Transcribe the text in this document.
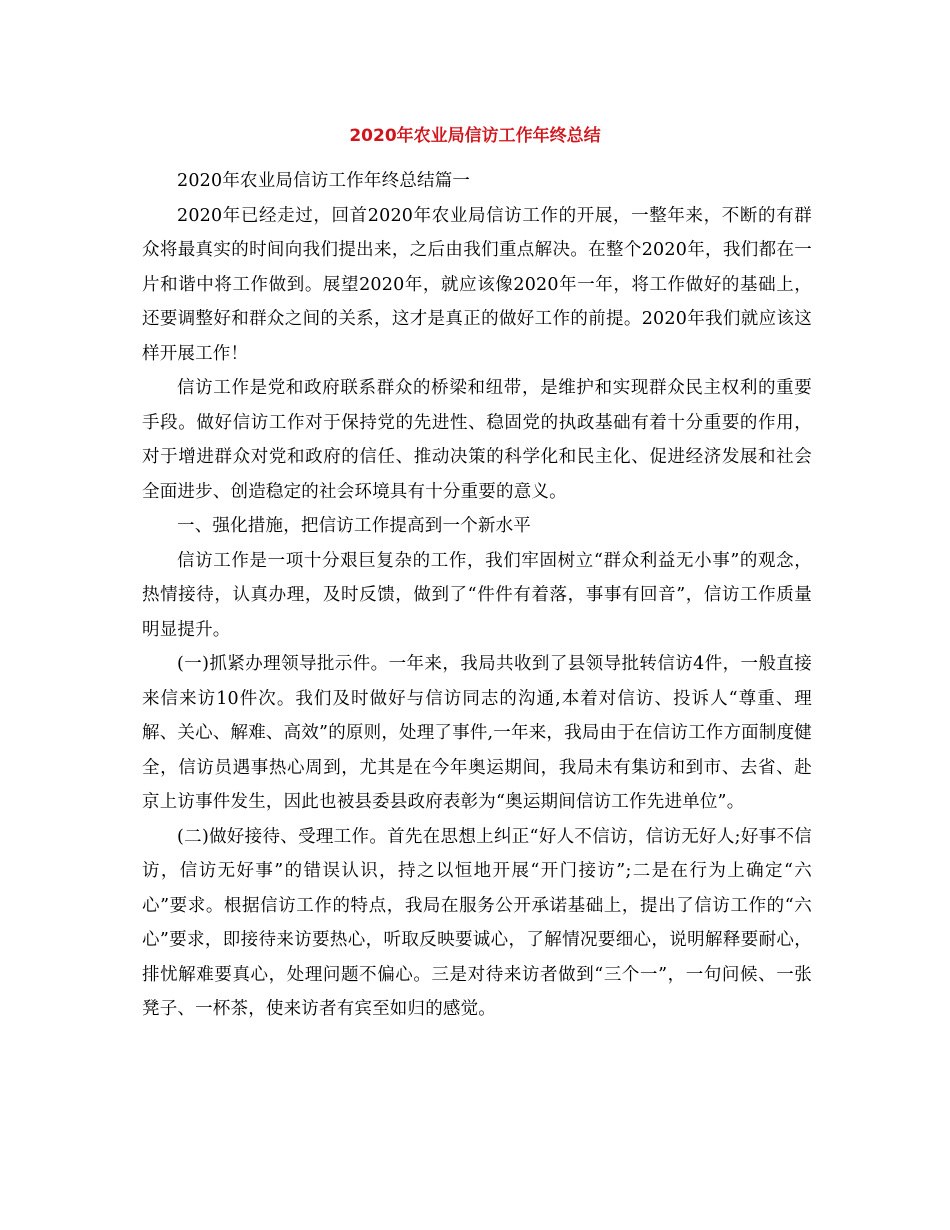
2020年农业局信访工作年终总结

2020年农业局信访工作年终总结篇一

2020年已经走过，回首2020年农业局信访工作的开展，一整年来，不断的有群众将最真实的时间向我们提出来，之后由我们重点解决。在整个2020年，我们都在一片和谐中将工作做到。展望2020年，就应该像2020年一年，将工作做好的基础上，还要调整好和群众之间的关系，这才是真正的做好工作的前提。2020年我们就应该这样开展工作！

信访工作是党和政府联系群众的桥梁和纽带，是维护和实现群众民主权利的重要手段。做好信访工作对于保持党的先进性、稳固党的执政基础有着十分重要的作用，对于增进群众对党和政府的信任、推动决策的科学化和民主化、促进经济发展和社会全面进步、创造稳定的社会环境具有十分重要的意义。

一、强化措施，把信访工作提高到一个新水平

信访工作是一项十分艰巨复杂的工作，我们牢固树立“群众利益无小事”的观念，热情接待，认真办理，及时反馈，做到了“件件有着落，事事有回音”，信访工作质量明显提升。

(一)抓紧办理领导批示件。一年来，我局共收到了县领导批转信访4件，一般直接来信来访10件次。我们及时做好与信访同志的沟通,本着对信访、投诉人“尊重、理解、关心、解难、高效”的原则，处理了事件,一年来，我局由于在信访工作方面制度健全，信访员遇事热心周到，尤其是在今年奥运期间，我局未有集访和到市、去省、赴京上访事件发生，因此也被县委县政府表彰为“奥运期间信访工作先进单位”。

(二)做好接待、受理工作。首先在思想上纠正“好人不信访，信访无好人;好事不信访，信访无好事”的错误认识，持之以恒地开展“开门接访”;二是在行为上确定“六心”要求。根据信访工作的特点，我局在服务公开承诺基础上，提出了信访工作的“六心”要求，即接待来访要热心，听取反映要诚心，了解情况要细心，说明解释要耐心，排忧解难要真心，处理问题不偏心。三是对待来访者做到“三个一”，一句问候、一张凳子、一杯茶，使来访者有宾至如归的感觉。
